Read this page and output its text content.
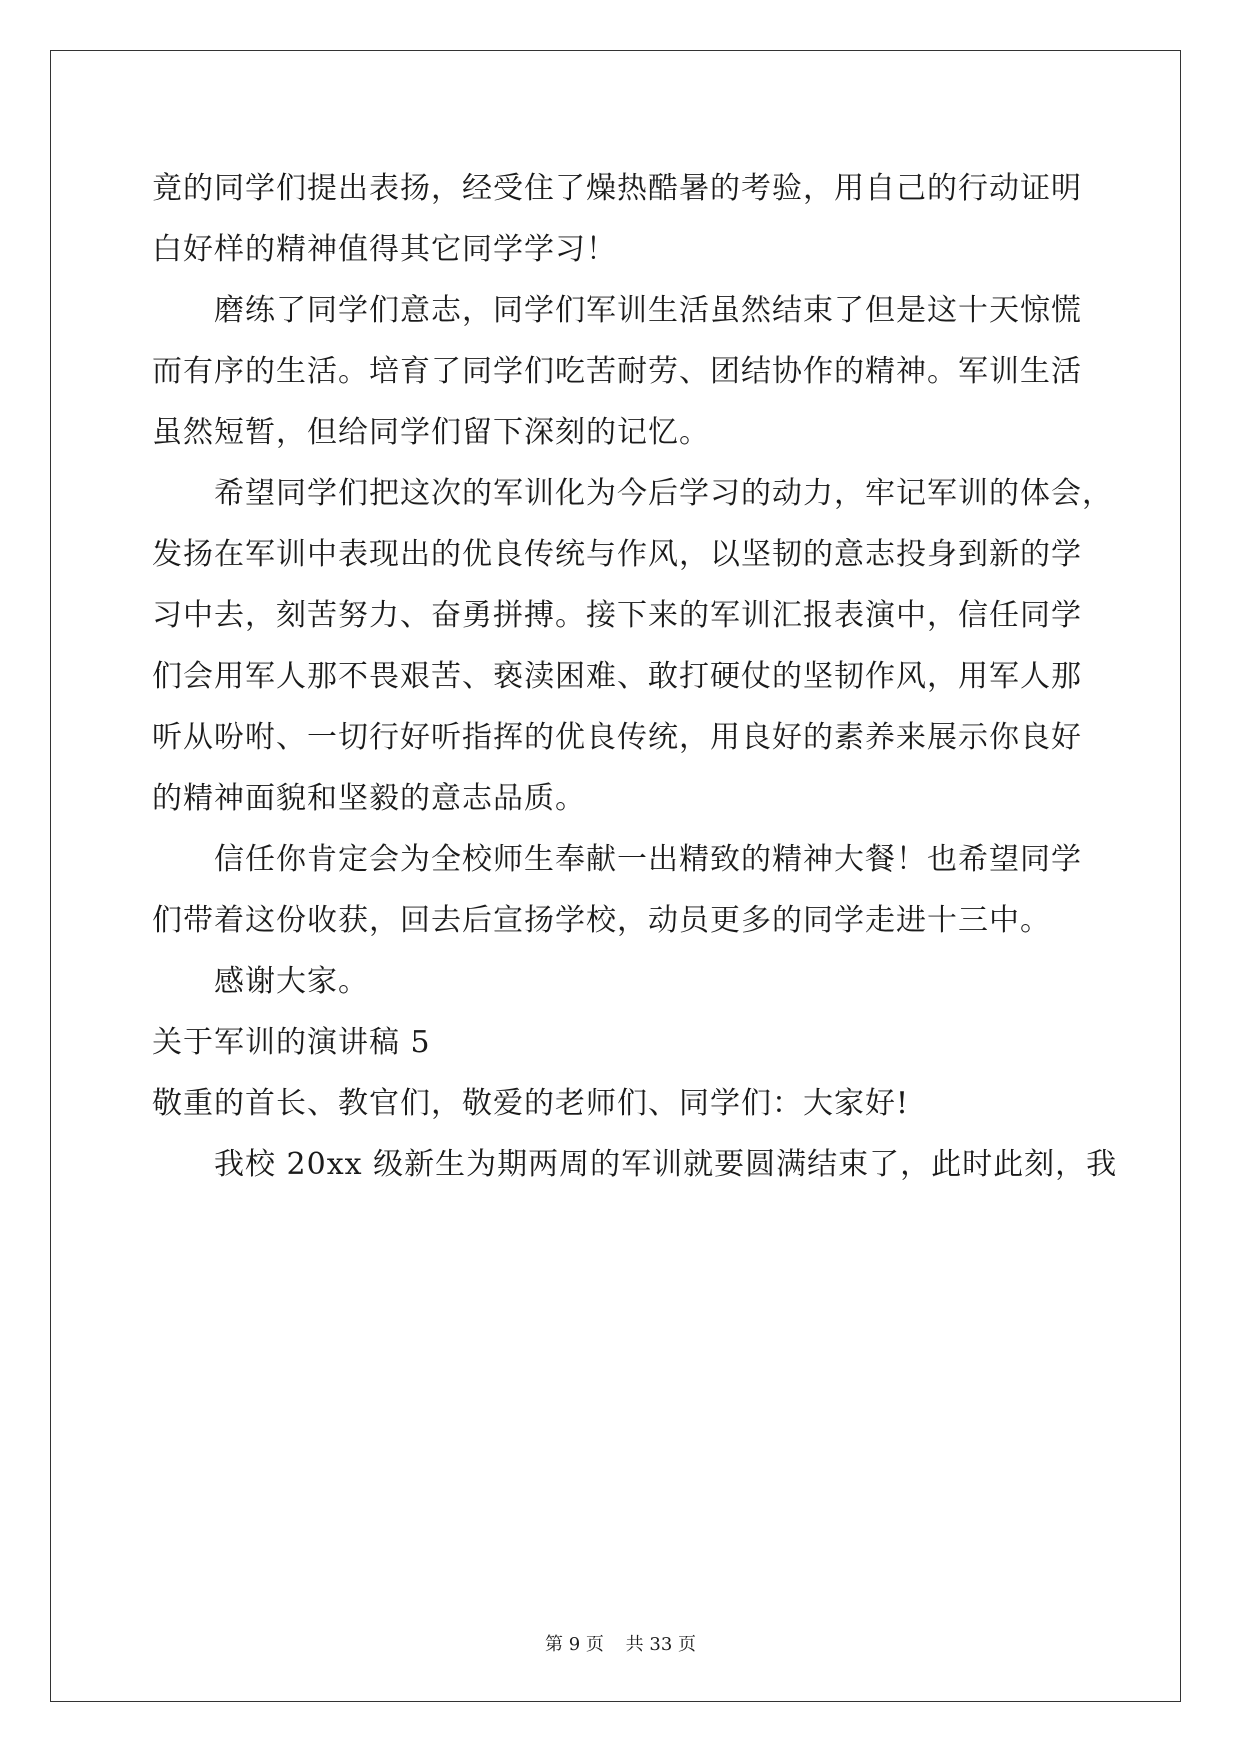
竟的同学们提出表扬，经受住了燥热酷暑的考验，用自己的行动证明
白好样的精神值得其它同学学习！
磨练了同学们意志，同学们军训生活虽然结束了但是这十天惊慌
而有序的生活。培育了同学们吃苦耐劳、团结协作的精神。军训生活
虽然短暂，但给同学们留下深刻的记忆。
希望同学们把这次的军训化为今后学习的动力，牢记军训的体会，
发扬在军训中表现出的优良传统与作风，以坚韧的意志投身到新的学
习中去，刻苦努力、奋勇拼搏。接下来的军训汇报表演中，信任同学
们会用军人那不畏艰苦、亵渎困难、敢打硬仗的坚韧作风，用军人那
听从吩咐、一切行好听指挥的优良传统，用良好的素养来展示你良好
的精神面貌和坚毅的意志品质。
信任你肯定会为全校师生奉献一出精致的精神大餐！也希望同学
们带着这份收获，回去后宣扬学校，动员更多的同学走进十三中。
感谢大家。
关于军训的演讲稿 5
敬重的首长、教官们，敬爱的老师们、同学们：大家好!
我校 20xx 级新生为期两周的军训就要圆满结束了，此时此刻，我
第 9 页 共 33 页
